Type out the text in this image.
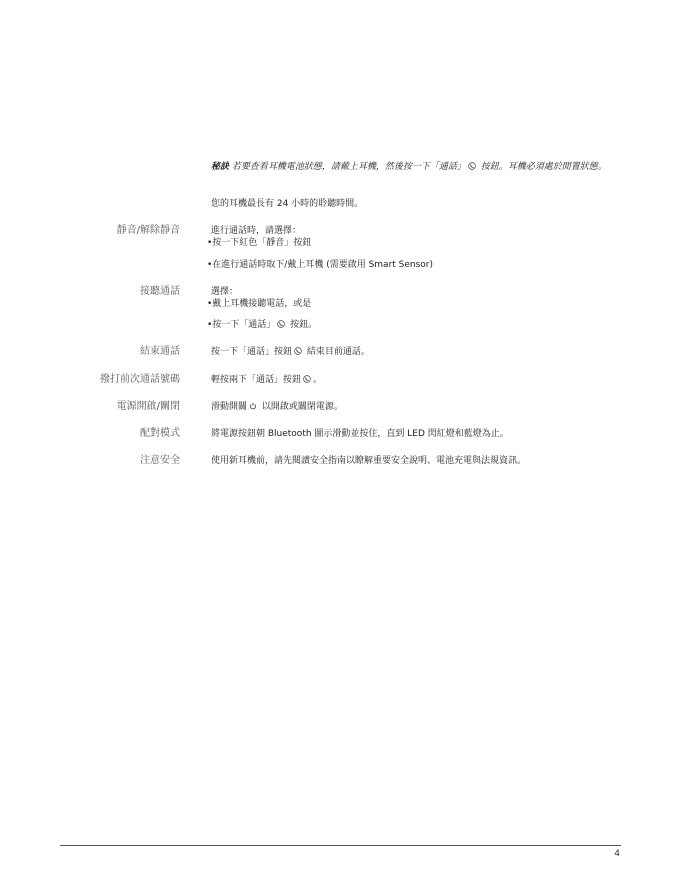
秘訣 若要查看耳機電池狀態，請戴上耳機，然後按一下「通話」 按鈕。耳機必須處於閒置狀態。
您的耳機最長有 24 小時的聆聽時間。
靜音/解除靜音	進行通話時，請選擇：
•按一下紅色「靜音」按鈕
•在進行通話時取下/戴上耳機 (需要啟用 Smart Sensor)
接聽通話	選擇：
•戴上耳機接聽電話，或是
•按一下「通話」 按鈕。
結束通話	按一下「通話」按鈕 結束目前通話。
撥打前次通話號碼	輕按兩下「通話」按鈕 。
電源開啟/關閉	滑動開關 以開啟或關閉電源。
配對模式	將電源按鈕朝 Bluetooth 圖示滑動並按住，直到 LED 閃紅燈和藍燈為止。
注意安全	使用新耳機前，請先閱讀安全指南以瞭解重要安全說明、電池充電與法規資訊。
4
